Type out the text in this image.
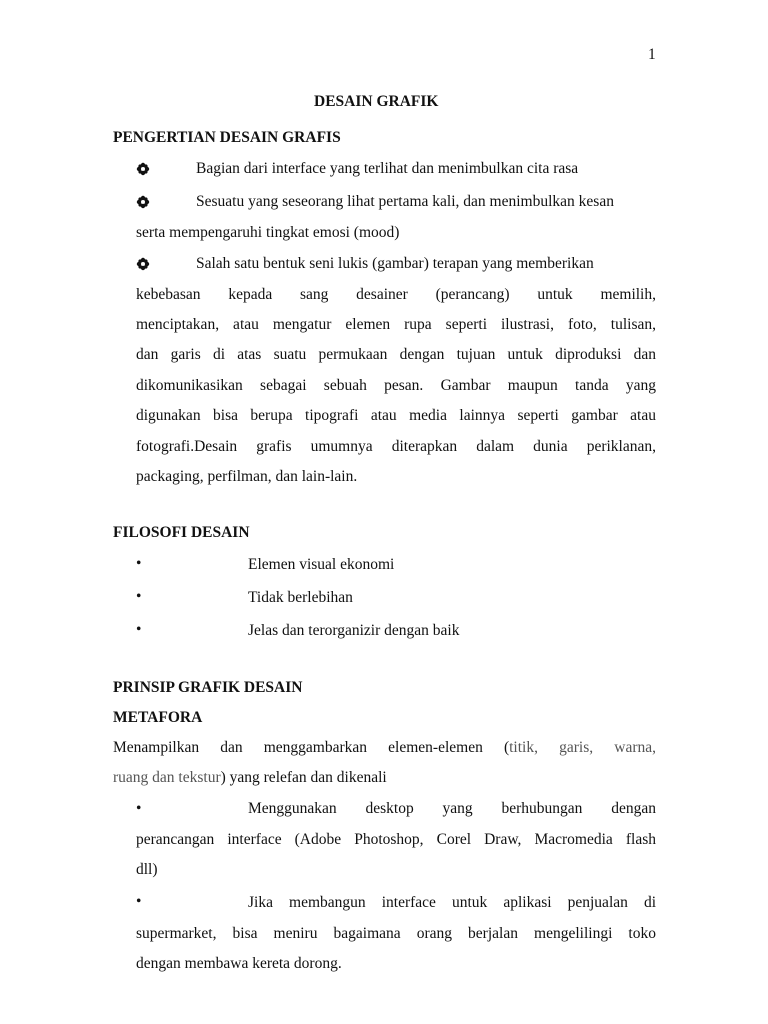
1
DESAIN GRAFIK
PENGERTIAN DESAIN GRAFIS
Bagian dari interface yang terlihat dan menimbulkan cita rasa
Sesuatu yang seseorang lihat pertama kali, dan menimbulkan kesan
serta mempengaruhi tingkat emosi (mood)
Salah satu bentuk seni lukis (gambar) terapan yang memberikan
kebebasan kepada sang desainer (perancang) untuk memilih,
menciptakan, atau mengatur elemen rupa seperti ilustrasi, foto, tulisan,
dan garis di atas suatu permukaan dengan tujuan untuk diproduksi dan
dikomunikasikan sebagai sebuah pesan. Gambar maupun tanda yang
digunakan bisa berupa tipografi atau media lainnya seperti gambar atau
fotografi.Desain grafis umumnya diterapkan dalam dunia periklanan,
packaging, perfilman, dan lain-lain.
FILOSOFI DESAIN
•	Elemen visual ekonomi
•	Tidak berlebihan
•	Jelas dan terorganizir dengan baik
PRINSIP GRAFIK DESAIN
METAFORA
Menampilkan dan menggambarkan elemen-elemen (titik, garis, warna,
ruang dan tekstur) yang relefan dan dikenali
•	Menggunakan desktop yang berhubungan dengan
perancangan interface (Adobe Photoshop, Corel Draw, Macromedia flash
dll)
•	Jika membangun interface untuk aplikasi penjualan di
supermarket, bisa meniru bagaimana orang berjalan mengelilingi toko
dengan membawa kereta dorong.
